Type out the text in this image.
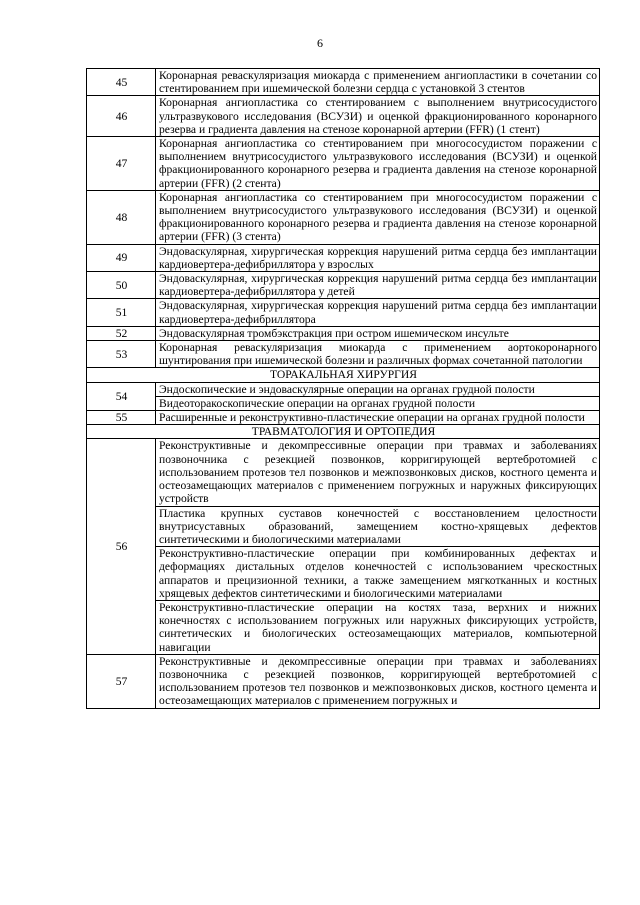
6
45	Коронарная реваскуляризация миокарда с применением ангиопластики в сочетании со стентированием при ишемической болезни сердца с установкой 3 стентов
46	Коронарная ангиопластика со стентированием с выполнением внутрисосудистого ультразвукового исследования (ВСУЗИ) и оценкой фракционированного коронарного резерва и градиента давления на стенозе коронарной артерии (FFR) (1 стент)
47	Коронарная ангиопластика со стентированием при многососудистом поражении с выполнением внутрисосудистого ультразвукового исследования (ВСУЗИ) и оценкой фракционированного коронарного резерва и градиента давления на стенозе коронарной артерии (FFR) (2 стента)
48	Коронарная ангиопластика со стентированием при многососудистом поражении с выполнением внутрисосудистого ультразвукового исследования (ВСУЗИ) и оценкой фракционированного коронарного резерва и градиента давления на стенозе коронарной артерии (FFR) (3 стента)
49	Эндоваскулярная, хирургическая коррекция нарушений ритма сердца без имплантации кардиовертера-дефибриллятора у взрослых
50	Эндоваскулярная, хирургическая коррекция нарушений ритма сердца без имплантации кардиовертера-дефибриллятора у детей
51	Эндоваскулярная, хирургическая коррекция нарушений ритма сердца без имплантации кардиовертера-дефибриллятора
52	Эндоваскулярная тромбэкстракция при остром ишемическом инсульте
53	Коронарная реваскуляризация миокарда с применением аортокоронарного шунтирования при ишемической болезни и различных формах сочетанной патологии
ТОРАКАЛЬНАЯ ХИРУРГИЯ	
54	Эндоскопические и эндоваскулярные операции на органах грудной полости
	Видеоторакоскопические операции на органах грудной полости
55	Расширенные и реконструктивно-пластические операции на органах грудной полости
ТРАВМАТОЛОГИЯ И ОРТОПЕДИЯ	
56	Реконструктивные и декомпрессивные операции при травмах и заболеваниях позвоночника с резекцией позвонков, корригирующей вертебротомией с использованием протезов тел позвонков и межпозвонковых дисков, костного цемента и остеозамещающих материалов с применением погружных и наружных фиксирующих устройств
	Пластика крупных суставов конечностей с восстановлением целостности внутрисуставных образований, замещением костно-хрящевых дефектов синтетическими и биологическими материалами
	Реконструктивно-пластические операции при комбинированных дефектах и деформациях дистальных отделов конечностей с использованием чрескостных аппаратов и прецизионной техники, а также замещением мягкотканных и костных хрящевых дефектов синтетическими и биологическими материалами
	Реконструктивно-пластические операции на костях таза, верхних и нижних конечностях с использованием погружных или наружных фиксирующих устройств, синтетических и биологических остеозамещающих материалов, компьютерной навигации
57	Реконструктивные и декомпрессивные операции при травмах и заболеваниях позвоночника с резекцией позвонков, корригирующей вертебротомией с использованием протезов тел позвонков и межпозвонковых дисков, костного цемента и остеозамещающих материалов с применением погружных и
